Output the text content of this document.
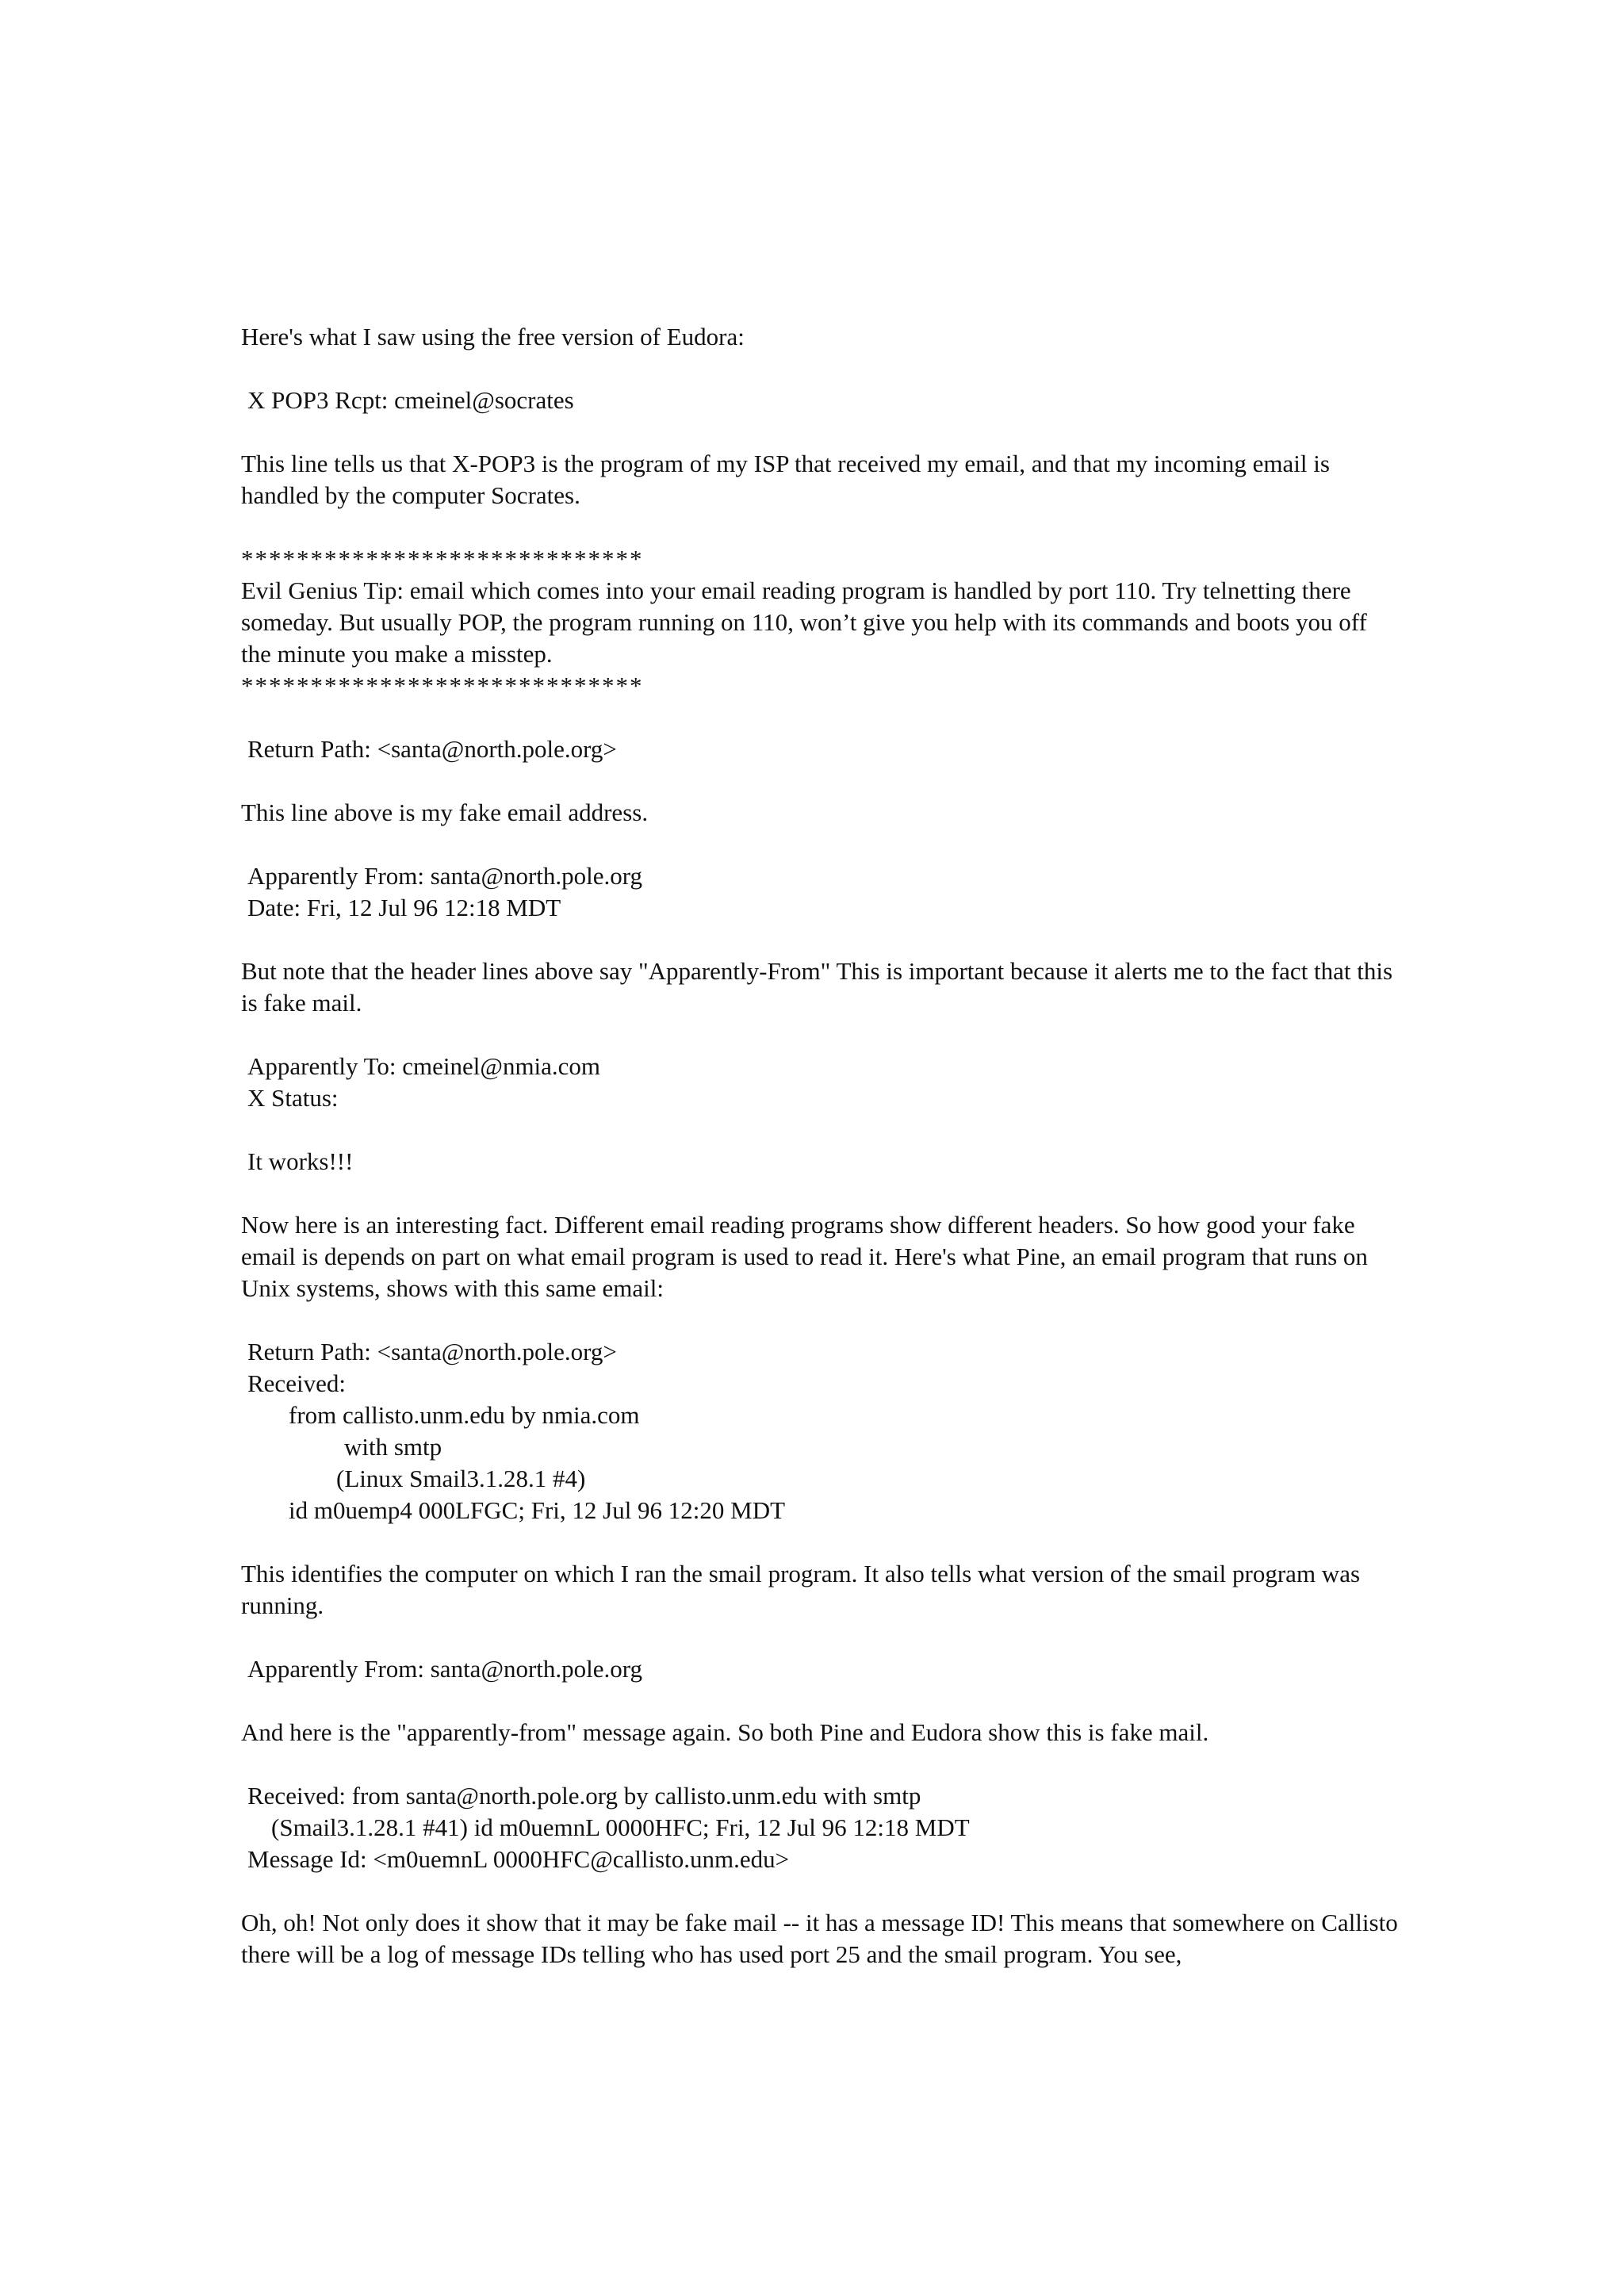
Here's what I saw using the free version of Eudora:

X POP3 Rcpt: cmeinel@socrates

This line tells us that X-POP3 is the program of my ISP that received my email, and that my incoming email is handled by the computer Socrates.

*****************************

Evil Genius Tip: email which comes into your email reading program is handled by port 110. Try telnetting there someday. But usually POP, the program running on 110, won’t give you help with its commands and boots you off the minute you make a misstep.

*****************************

Return Path: <santa@north.pole.org>

This line above is my fake email address.

Apparently From: santa@north.pole.org

Date: Fri, 12 Jul 96 12:18 MDT

But note that the header lines above say "Apparently-From" This is important because it alerts me to the fact that this is fake mail.

Apparently To: cmeinel@nmia.com

X Status:

It works!!!

Now here is an interesting fact. Different email reading programs show different headers. So how good your fake email is depends on part on what email program is used to read it. Here's what Pine, an email program that runs on Unix systems, shows with this same email:

Return Path: <santa@north.pole.org>

Received:

from callisto.unm.edu by nmia.com

with smtp

(Linux Smail3.1.28.1 #4)

id m0uemp4 000LFGC; Fri, 12 Jul 96 12:20 MDT

This identifies the computer on which I ran the smail program. It also tells what version of the smail program was running.

Apparently From: santa@north.pole.org

And here is the "apparently-from" message again. So both Pine and Eudora show this is fake mail.

Received: from santa@north.pole.org by callisto.unm.edu with smtp

(Smail3.1.28.1 #41) id m0uemnL 0000HFC; Fri, 12 Jul 96 12:18 MDT

Message Id: <m0uemnL 0000HFC@callisto.unm.edu>

Oh, oh! Not only does it show that it may be fake mail -- it has a message ID! This means that somewhere on Callisto there will be a log of message IDs telling who has used port 25 and the smail program. You see,
